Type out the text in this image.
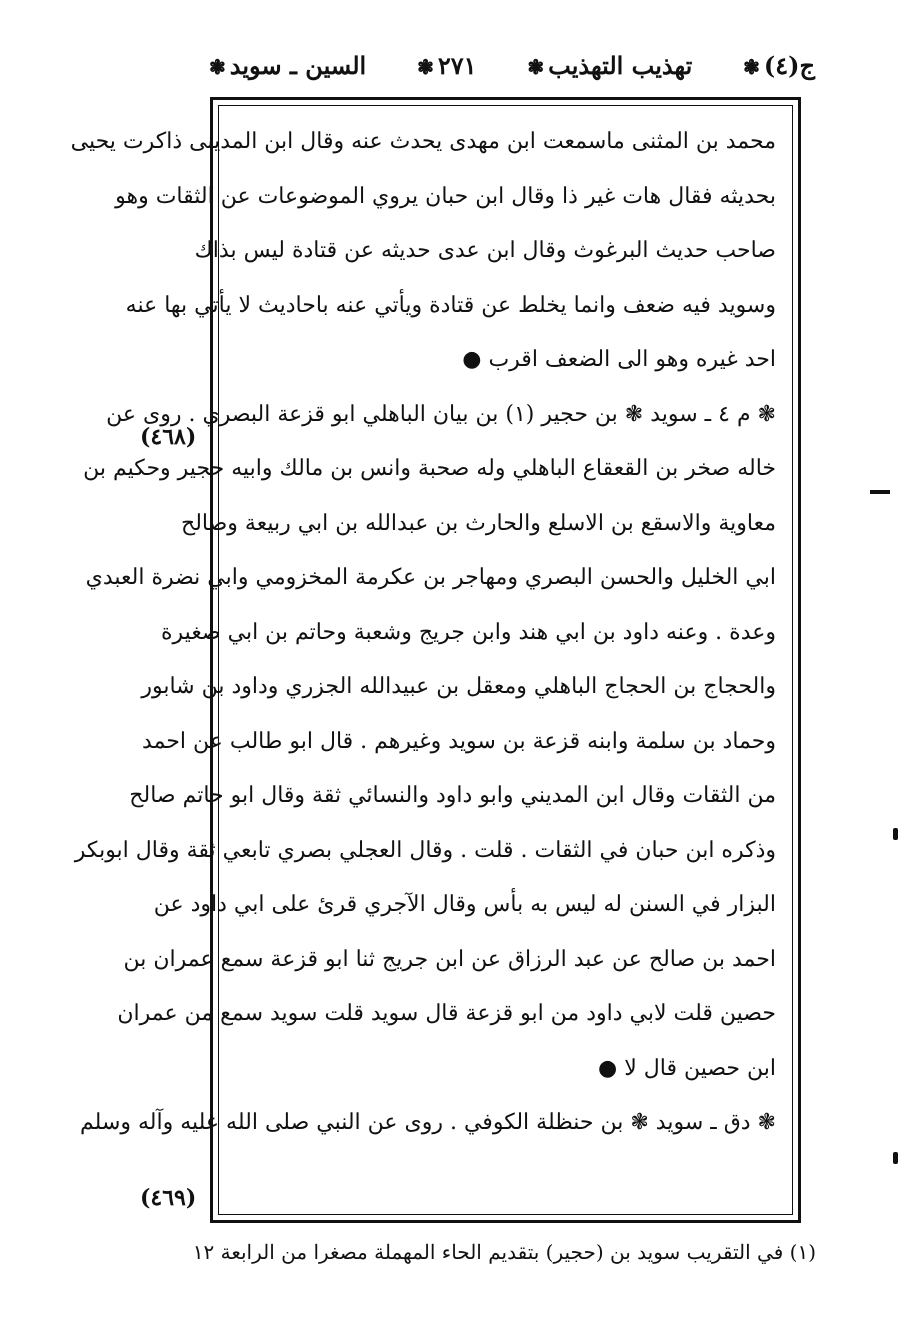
ج(٤)❃
تهذيب التهذيب❃
٢٧١❃
السين ـ سويد❃
محمد بن المثنى ماسمعت ابن مهدى يحدث عنه وقال ابن المدينى ذاكرت يحيى
بحديثه فقال هات غير ذا وقال ابن حبان يروي الموضوعات عن الثقات وهو
صاحب حديث البرغوث وقال ابن عدى حديثه عن قتادة ليس بذاك
وسويد فيه ضعف وانما يخلط عن قتادة ويأتي عنه باحاديث لا يأتي بها عنه
احد غيره وهو الى الضعف اقرب ●
❃ م ٤ ـ سويد ❃ بن حجير (١) بن بيان الباهلي ابو قزعة البصري . روى عن
خاله صخر بن القعقاع الباهلي وله صحبة وانس بن مالك وابيه حجير وحكيم بن
معاوية والاسقع بن الاسلع والحارث بن عبدالله بن ابي ربيعة وصالح
ابي الخليل والحسن البصري ومهاجر بن عكرمة المخزومي وابي نضرة العبدي
وعدة . وعنه داود بن ابي هند وابن جريج وشعبة وحاتم بن ابي صغيرة
والحجاج بن الحجاج الباهلي ومعقل بن عبيدالله الجزري وداود بن شابور
وحماد بن سلمة وابنه قزعة بن سويد وغيرهم . قال ابو طالب عن احمد
من الثقات وقال ابن المديني وابو داود والنسائي ثقة وقال ابو حاتم صالح
وذكره ابن حبان في الثقات . قلت . وقال العجلي بصري تابعي ثقة وقال ابوبكر
البزار في السنن له ليس به بأس وقال الآجري قرئ على ابي داود عن
احمد بن صالح عن عبد الرزاق عن ابن جريج ثنا ابو قزعة سمع عمران بن
حصين قلت لابي داود من ابو قزعة قال سويد قلت سويد سمع من عمران
ابن حصين قال لا ●
❃ دق ـ سويد ❃ بن حنظلة الكوفي . روى عن النبي صلى الله عليه وآله وسلم
(٤٦٨)
(٤٦٩)
(١) في التقريب سويد بن (حجير) بتقديم الحاء المهملة مصغرا من الرابعة ١٢
